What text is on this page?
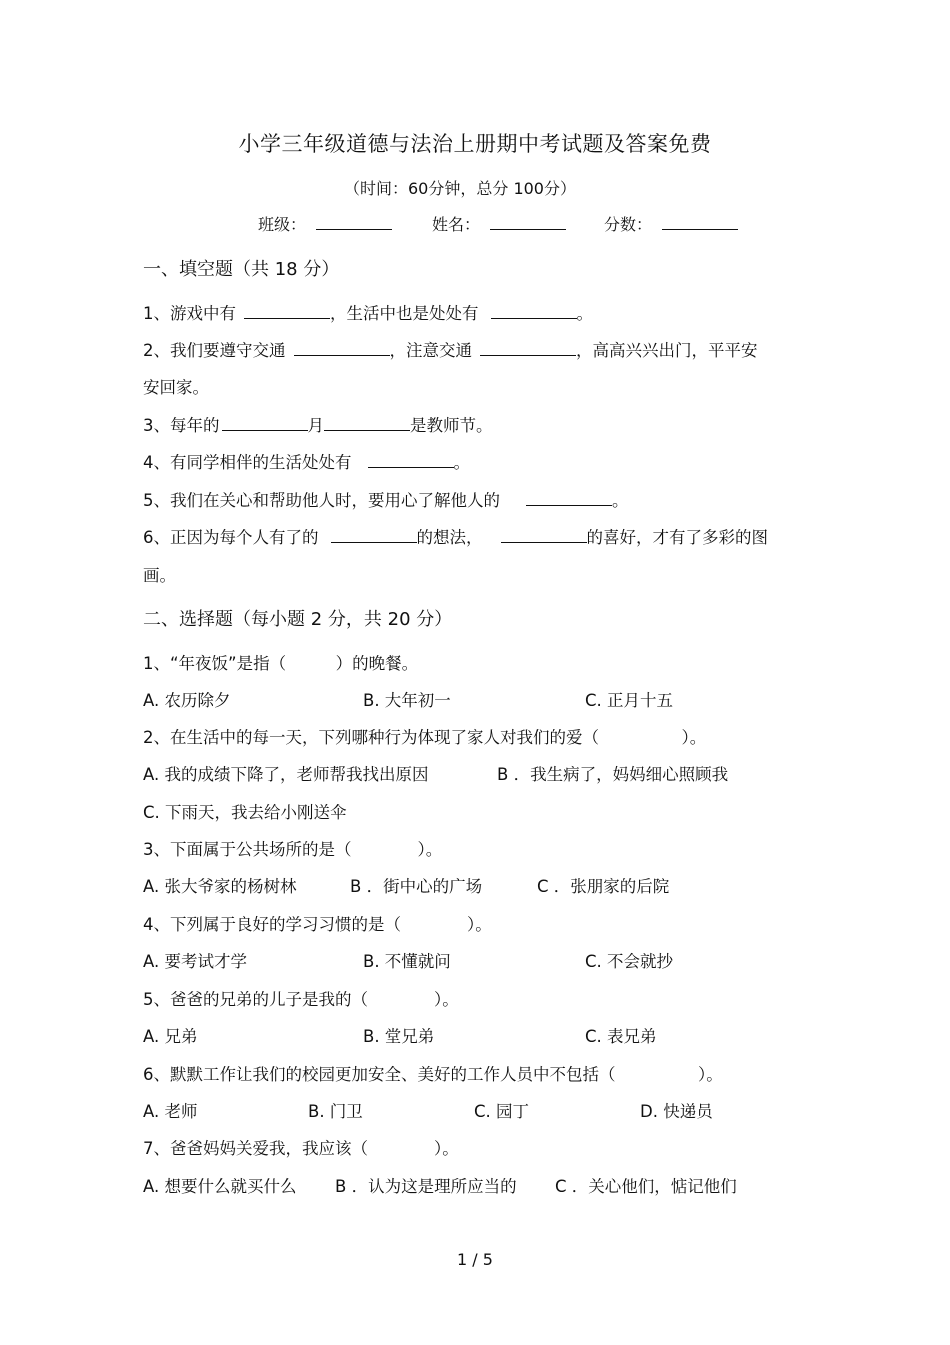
小学三年级道德与法治上册期中考试题及答案免费
（时间：60分钟，总分 100分）
班级：	姓名：	分数：
一、填空题（共 18 分）
1、游戏中有	，生活中也是处处有	。
2、我们要遵守交通	，注意交通	，高高兴兴出门，平平安
安回家。
3、每年的	月	是教师节。
4、有同学相伴的生活处处有	。
5、我们在关心和帮助他人时，要用心了解他人的	。
6、正因为每个人有了的	的想法，	的喜好，才有了多彩的图
画。
二、选择题（每小题 2 分，共 20 分）
1、“年夜饭”是指（　　　）的晚餐。
A. 农历除夕	B. 大年初一	C. 正月十五
2、在生活中的每一天，下列哪种行为体现了家人对我们的爱（　　　　　）。
A. 我的成绩下降了，老师帮我找出原因	B ．我生病了，妈妈细心照顾我
C. 下雨天，我去给小刚送伞
3、下面属于公共场所的是（　　　　）。
A. 张大爷家的杨树林	B ．街中心的广场	C ．张朋家的后院
4、下列属于良好的学习习惯的是（　　　　）。
A. 要考试才学	B. 不懂就问	C. 不会就抄
5、爸爸的兄弟的儿子是我的（　　　　）。
A. 兄弟	B. 堂兄弟	C. 表兄弟
6、默默工作让我们的校园更加安全、美好的工作人员中不包括（　　　　　）。
A. 老师	B. 门卫	C. 园丁	D. 快递员
7、爸爸妈妈关爱我，我应该（　　　　）。
A. 想要什么就买什么 B ．认为这是理所应当的 C ．关心他们，惦记他们
1 / 5
